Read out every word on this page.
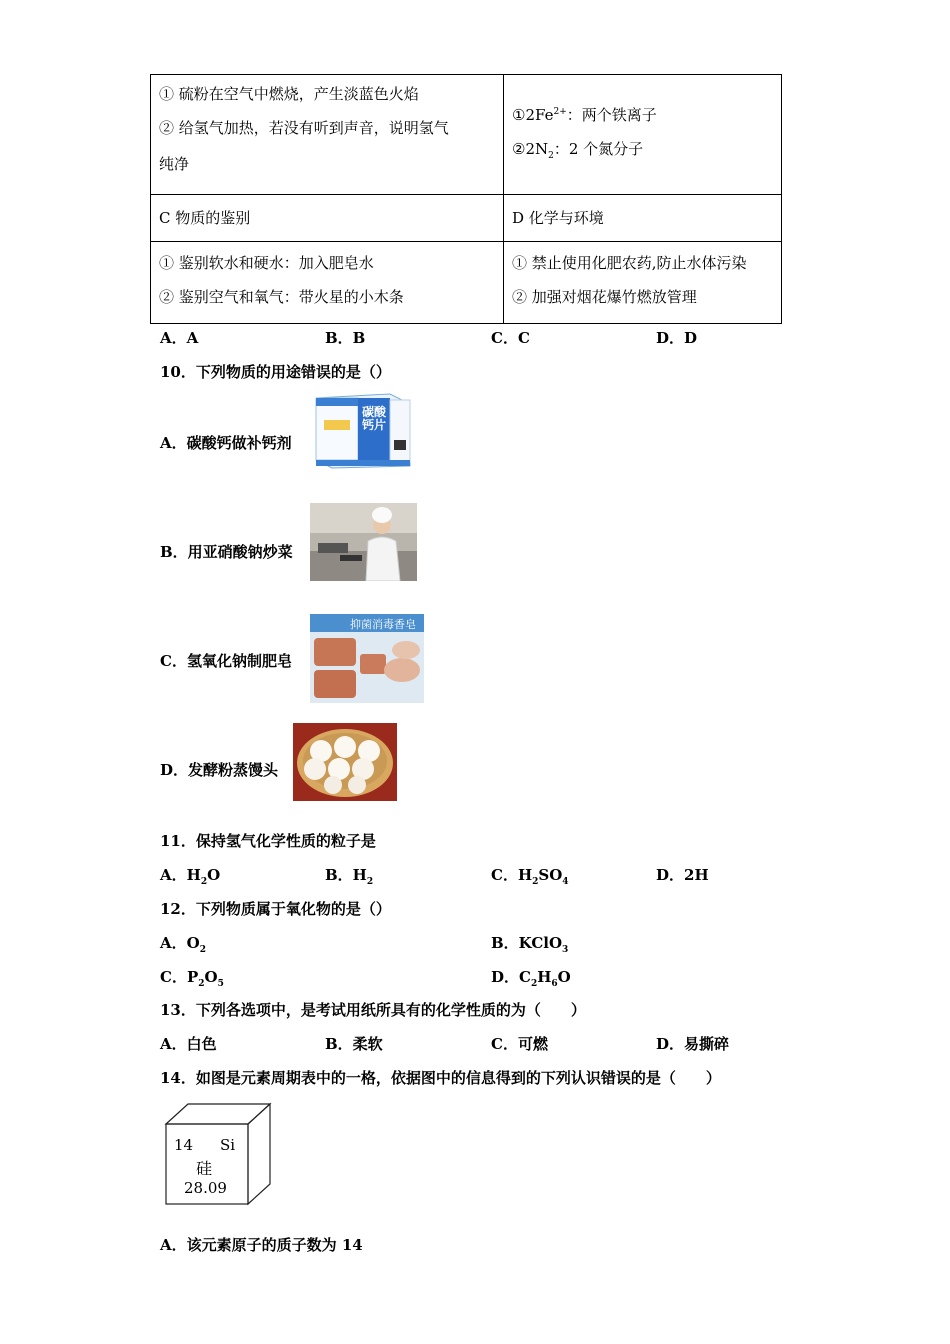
① 硫粉在空气中燃烧，产生淡蓝色火焰
② 给氢气加热，若没有听到声音，说明氢气
纯净	$①2Fe^{2+}$：两个铁离子
$②2N_2$：2 个氮分子

C 物质的鉴别	D 化学与环境

① 鉴别软水和硬水：加入肥皂水
② 鉴别空气和氧气：带火星的小木条	① 禁止使用化肥农药,防止水体污染
② 加强对烟花爆竹燃放管理
A．A	B．B	C．C	D．D
10．下列物质的用途错误的是（）
A．碳酸钙做补钙剂
碳酸钙片
B．用亚硝酸钠炒菜
C．氢氧化钠制肥皂
抑菌消毒香皂
D．发酵粉蒸馒头
11．保持氢气化学性质的粒子是
A．$H_2O$	B．$H_2$	C．$H_2SO_4$	D．2H
12．下列物质属于氧化物的是（）
A．$O_2$	B．KClO$_3$
C．$P_2O_5$	D．$C_2H_6O$
13．下列各选项中，是考试用纸所具有的化学性质的为（　　）
A．白色	B．柔软	C．可燃	D．易撕碎
14．如图是元素周期表中的一格，依据图中的信息得到的下列认识错误的是（　　）
14 Si
硅
28.09
A．该元素原子的质子数为 14
